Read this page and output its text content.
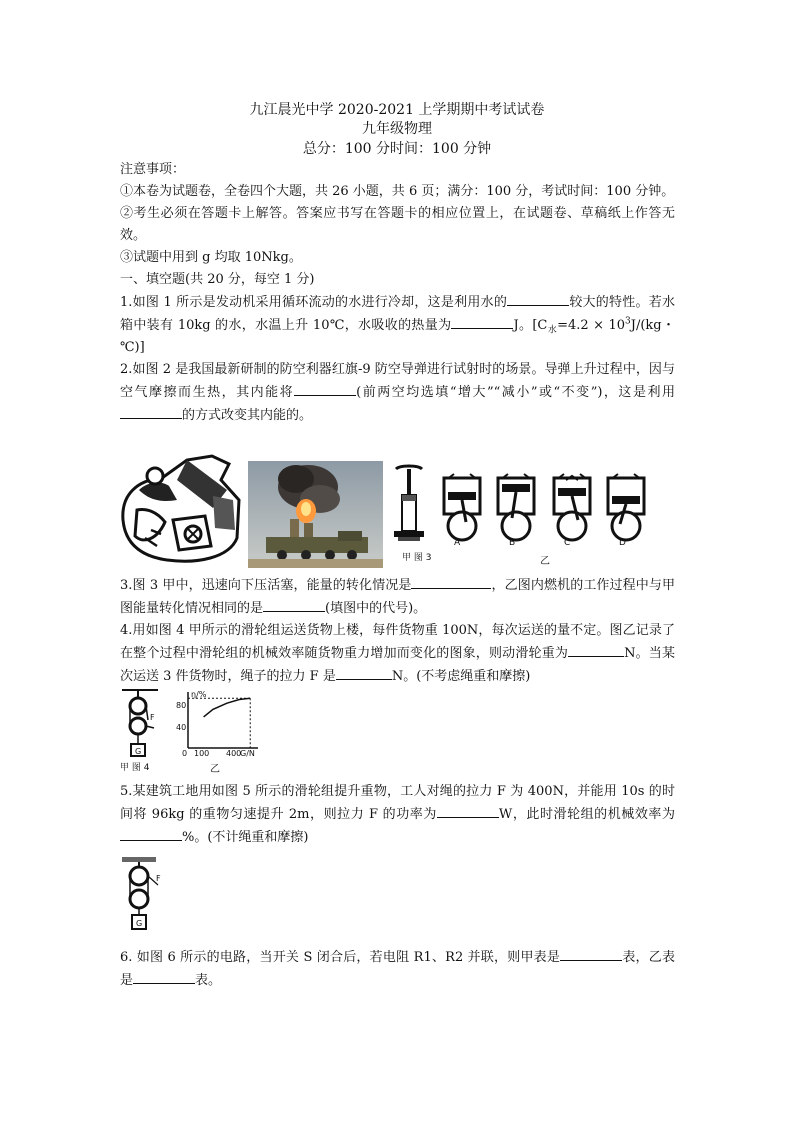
九江晨光中学 2020-2021 上学期期中考试试卷
九年级物理
总分：100 分时间：100 分钟

注意事项：

①本卷为试题卷，全卷四个大题，共 26 小题，共 6 页；满分：100 分，考试时间：100 分钟。

②考生必须在答题卡上解答。答案应书写在答题卡的相应位置上，在试题卷、草稿纸上作答无效。

③试题中用到 g 均取 10Nkg。

一、填空题(共 20 分，每空 1 分)

1.如图 1 所示是发动机采用循环流动的水进行冷却，这是利用水的	较大的特性。若水箱中装有 10kg 的水，水温上升 10℃，水吸收的热量为	J。[$C_水=4.2 \times 10^3J/(kg$・℃)]

2.如图 2 是我国最新研制的防空利器红旗-9 防空导弹进行试射时的场景。导弹上升过程中，因与空气摩擦而生热，其内能将	(前两空均选填“增大”“减小”或“不变”)，这是利用的方式改变其内能的。

甲 图 3
A	B	C	D
乙

3.图 3 甲中，迅速向下压活塞，能量的转化情况是	，乙图内燃机的工作过程中与甲图能量转化情况相同的是	(填图中的代号)。

4.用如图 4 甲所示的滑轮组运送货物上楼，每件货物重 100N，每次运送的量不定。图乙记录了在整个过程中滑轮组的机械效率随货物重力增加而变化的图象，则动滑轮重为	N。当某次运送 3 件货物时，绳子的拉力 F 是	N。(不考虑绳重和摩擦)

F
G
甲 图 4
η/%
80
40
0 100 400
G/N
乙

5.某建筑工地用如图 5 所示的滑轮组提升重物，工人对绳的拉力 F 为 400N，并能用 10s 的时间将 96kg 的重物匀速提升 2m，则拉力 F 的功率为	W，此时滑轮组的机械效率为%。(不计绳重和摩擦)

F
G

6. 如图 6 所示的电路，当开关 S 闭合后，若电阻 R1、R2 并联，则甲表是	表，乙表是	表。
